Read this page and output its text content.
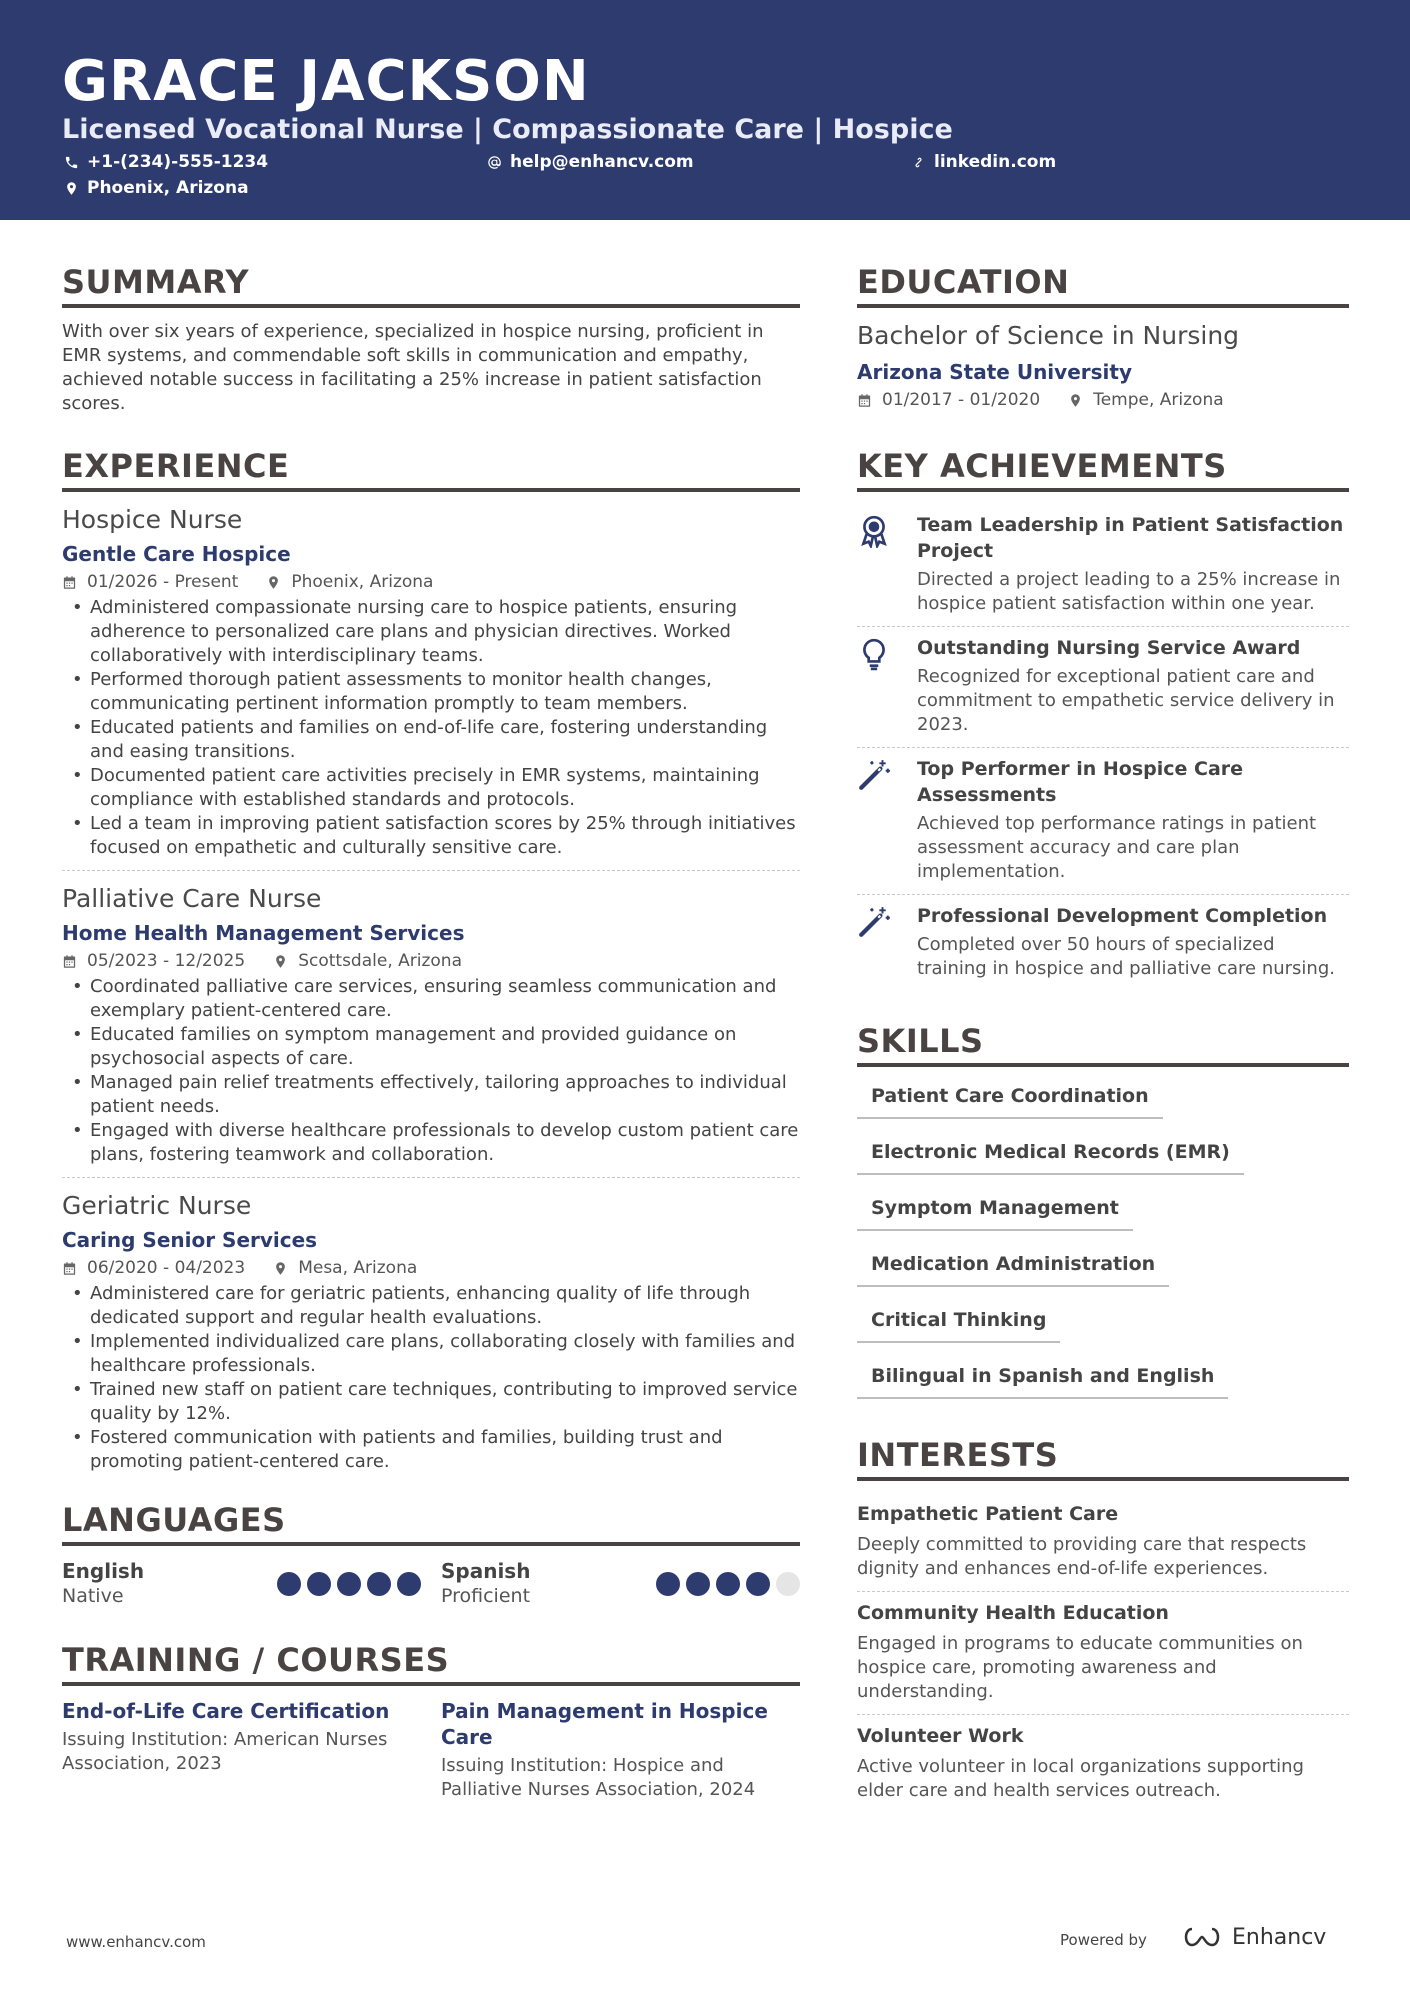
GRACE JACKSON
Licensed Vocational Nurse | Compassionate Care | Hospice
+1-(234)-555-1234	help@enhancv.com	linkedin.com
Phoenix, Arizona
SUMMARY
With over six years of experience, specialized in hospice nursing, proficient in EMR systems, and commendable soft skills in communication and empathy, achieved notable success in facilitating a 25% increase in patient satisfaction scores.
EXPERIENCE
Hospice Nurse
Gentle Care Hospice
01/2026 - Present	Phoenix, Arizona
• Administered compassionate nursing care to hospice patients, ensuring adherence to personalized care plans and physician directives. Worked collaboratively with interdisciplinary teams.
• Performed thorough patient assessments to monitor health changes, communicating pertinent information promptly to team members.
• Educated patients and families on end-of-life care, fostering understanding and easing transitions.
• Documented patient care activities precisely in EMR systems, maintaining compliance with established standards and protocols.
• Led a team in improving patient satisfaction scores by 25% through initiatives focused on empathetic and culturally sensitive care.
Palliative Care Nurse
Home Health Management Services
05/2023 - 12/2025	Scottsdale, Arizona
• Coordinated palliative care services, ensuring seamless communication and exemplary patient-centered care.
• Educated families on symptom management and provided guidance on psychosocial aspects of care.
• Managed pain relief treatments effectively, tailoring approaches to individual patient needs.
• Engaged with diverse healthcare professionals to develop custom patient care plans, fostering teamwork and collaboration.
Geriatric Nurse
Caring Senior Services
06/2020 - 04/2023	Mesa, Arizona
• Administered care for geriatric patients, enhancing quality of life through dedicated support and regular health evaluations.
• Implemented individualized care plans, collaborating closely with families and healthcare professionals.
• Trained new staff on patient care techniques, contributing to improved service quality by 12%.
• Fostered communication with patients and families, building trust and promoting patient-centered care.
LANGUAGES
English
Native
Spanish
Proficient
TRAINING / COURSES
End-of-Life Care Certification
Issuing Institution: American Nurses Association, 2023
Pain Management in Hospice Care
Issuing Institution: Hospice and Palliative Nurses Association, 2024
EDUCATION
Bachelor of Science in Nursing
Arizona State University
01/2017 - 01/2020	Tempe, Arizona
KEY ACHIEVEMENTS
Team Leadership in Patient Satisfaction Project
Directed a project leading to a 25% increase in hospice patient satisfaction within one year.
Outstanding Nursing Service Award
Recognized for exceptional patient care and commitment to empathetic service delivery in 2023.
Top Performer in Hospice Care Assessments
Achieved top performance ratings in patient assessment accuracy and care plan implementation.
Professional Development Completion
Completed over 50 hours of specialized training in hospice and palliative care nursing.
SKILLS
Patient Care Coordination
Electronic Medical Records (EMR)
Symptom Management
Medication Administration
Critical Thinking
Bilingual in Spanish and English
INTERESTS
Empathetic Patient Care
Deeply committed to providing care that respects dignity and enhances end-of-life experiences.
Community Health Education
Engaged in programs to educate communities on hospice care, promoting awareness and understanding.
Volunteer Work
Active volunteer in local organizations supporting elder care and health services outreach.
www.enhancv.com	Powered by	Enhancv
